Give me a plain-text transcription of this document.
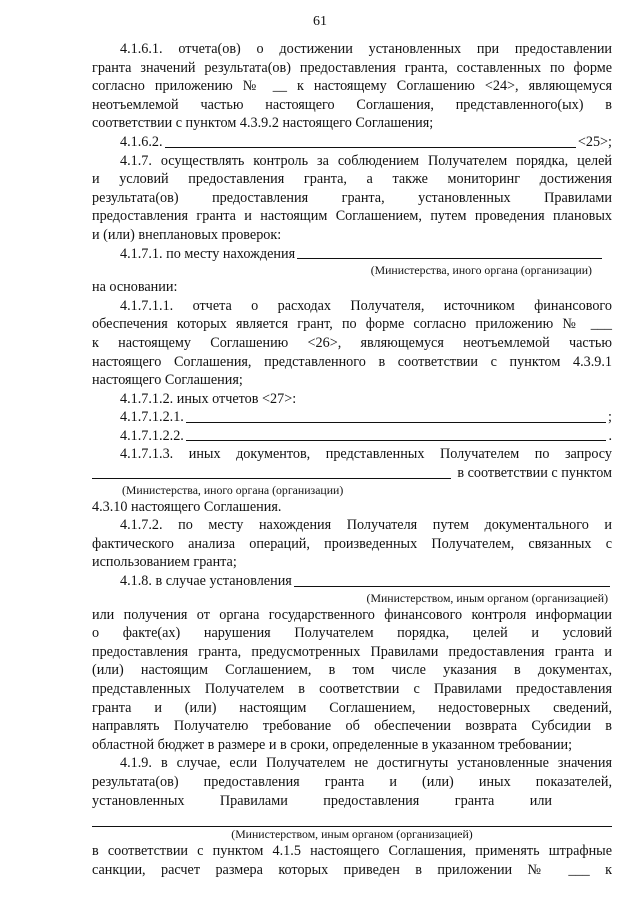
61

4.1.6.1. отчета(ов) о достижении установленных при предоставлении

гранта значений результата(ов) предоставления гранта, составленных по форме

согласно приложению № __ к настоящему Соглашению <24>, являющемуся

неотъемлемой частью настоящего Соглашения, представленного(ых) в

соответствии с пунктом 4.3.9.2 настоящего Соглашения;

4.1.6.2.	<25>;

4.1.7. осуществлять контроль за соблюдением Получателем порядка, целей

и условий предоставления гранта, а также мониторинг достижения

результата(ов) предоставления гранта, установленных Правилами

предоставления гранта и настоящим Соглашением, путем проведения плановых

и (или) внеплановых проверок:

4.1.7.1. по месту нахождения
(Министерства, иного органа (организации)

на основании:

4.1.7.1.1. отчета о расходах Получателя, источником финансового

обеспечения которых является грант, по форме согласно приложению № ___

к настоящему Соглашению <26>, являющемуся неотъемлемой частью

настоящего Соглашения, представленного в соответствии с пунктом 4.3.9.1

настоящего Соглашения;

4.1.7.1.2. иных отчетов <27>:

4.1.7.1.2.1.	;
4.1.7.1.2.2.	.

4.1.7.1.3. иных документов, представленных Получателем по запросу

в соответствии с пунктом
(Министерства, иного органа (организации)

4.3.10 настоящего Соглашения.

4.1.7.2. по месту нахождения Получателя путем документального и

фактического анализа операций, произведенных Получателем, связанных с

использованием гранта;

4.1.8. в случае установления
(Министерством, иным органом (организацией)

или получения от органа государственного финансового контроля информации

о факте(ах) нарушения Получателем порядка, целей и условий

предоставления гранта, предусмотренных Правилами предоставления гранта и

(или) настоящим Соглашением, в том числе указания в документах,

представленных Получателем в соответствии с Правилами предоставления

гранта и (или) настоящим Соглашением, недостоверных сведений,

направлять Получателю требование об обеспечении возврата Субсидии в

областной бюджет в размере и в сроки, определенные в указанном требовании;

4.1.9. в случае, если Получателем не достигнуты установленные значения

результата(ов) предоставления гранта и (или) иных показателей,

установленных Правилами предоставления гранта или

(Министерством, иным органом (организацией)

в соответствии с пунктом 4.1.5 настоящего Соглашения, применять штрафные

санкции, расчет размера которых приведен в приложении № ___ к
